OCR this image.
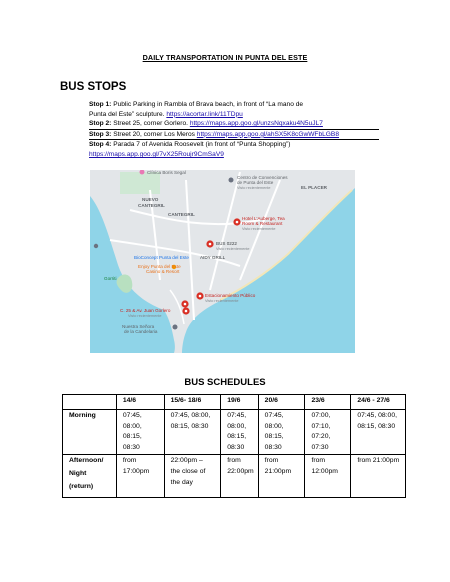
DAILY TRANSPORTATION IN PUNTA DEL ESTE
BUS STOPS

Stop 1: Public Parking in Rambla of Brava beach, in front of “La mano de

Punta del Este” sculpture. https://acortar.link/11TDpu

Stop 2: Street 25, corner Gorlero. https://maps.app.goo.gl/unzsNqxaku4N5uJL7

Stop 3: Street 20, corner Los Meros https://maps.app.goo.gl/ahSX5K8cGwWFbLGB8

Stop 4: Parada 7 of Avenida Roosevelt (in front of “Punta Shopping”)

https://maps.app.goo.gl/7vX25Roujr9CmSaV9

Clínica Boris Segal
Centro de Convenciones
de Punta del Este
Visto recientemente	EL PLACER
NUEVO
CANTEGRIL
CANTEGRIL
Hotel L'Auberge, Tea
Room & Restaurant
Visto recientemente
BUS 0222
Visto recientemente
BioConcept Punta del Este AIDY GRILL
Enjoy Punta del Este
Casino & Resort
Gorriti
Estacionamiento Público
Visto recientemente
C. 25 & Av. Juan Gorlero
Visto recientemente
Nuestra Señora
de la Candelaria
BUS SCHEDULES
	14/6	15/6- 18/6	19/6	20/6	23/6	24/6 - 27/6

Morning	07:45,
08:00,
08:15,
08:30	07:45, 08:00,
08:15, 08:30	07:45,
08:00,
08:15,
08:30	07:45,
08:00,
08:15,
08:30	07:00,
07:10,
07:20,
07:30	07:45, 08:00,
08:15, 08:30

Afternoon/
Night
(return)	from
17:00pm	22:00pm –
the close of
the day	from
22:00pm	from
21:00pm	from
12:00pm	from 21:00pm
